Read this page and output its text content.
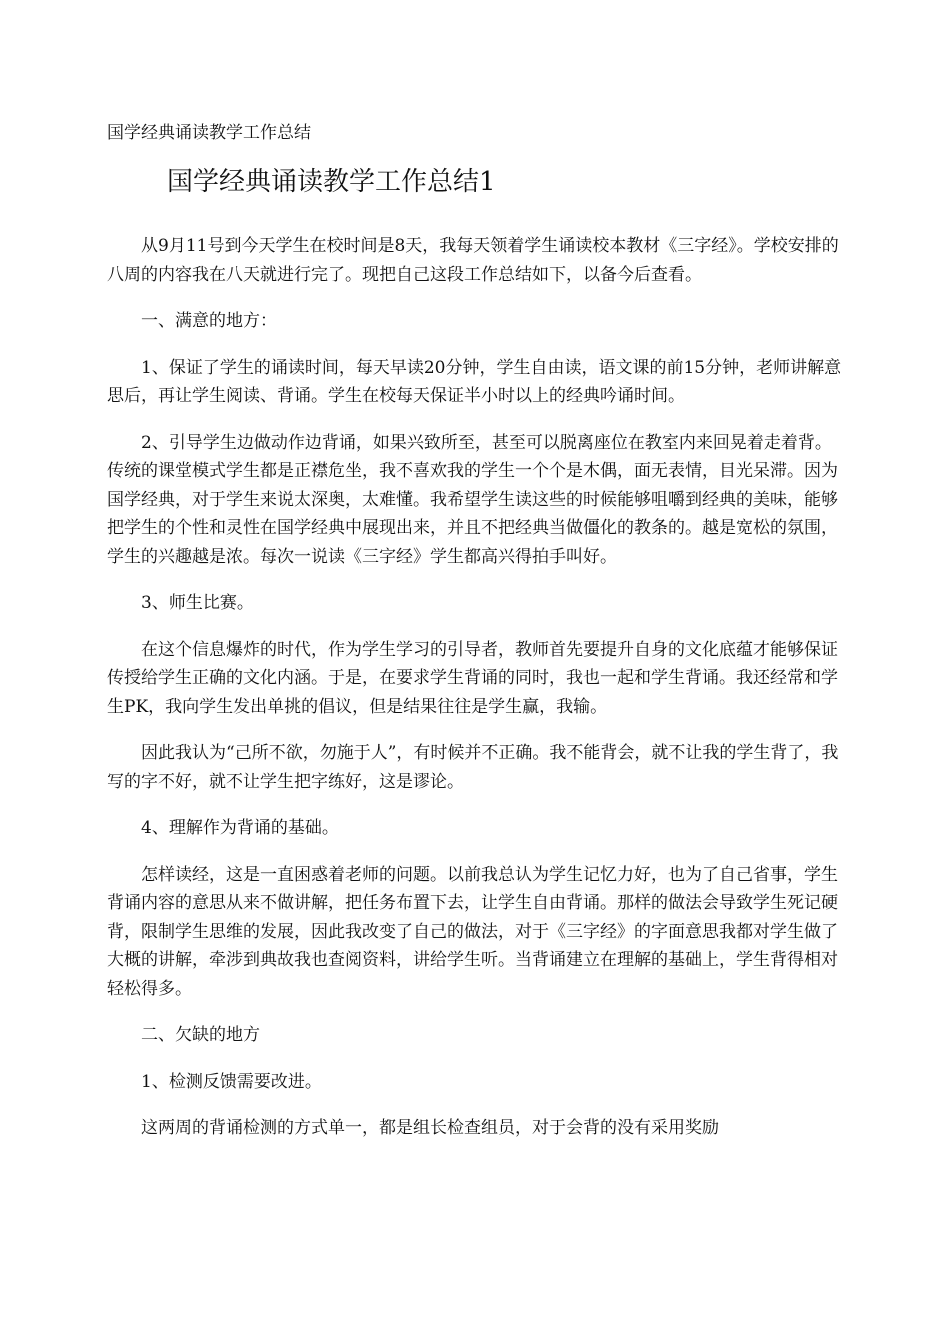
国学经典诵读教学工作总结
国学经典诵读教学工作总结1

从9月11号到今天学生在校时间是8天，我每天领着学生诵读校本教材《三字经》。学校安排的八周的内容我在八天就进行完了。现把自己这段工作总结如下，以备今后查看。

一、满意的地方：

1、保证了学生的诵读时间，每天早读20分钟，学生自由读，语文课的前15分钟，老师讲解意思后，再让学生阅读、背诵。学生在校每天保证半小时以上的经典吟诵时间。

2、引导学生边做动作边背诵，如果兴致所至，甚至可以脱离座位在教室内来回晃着走着背。传统的课堂模式学生都是正襟危坐，我不喜欢我的学生一个个是木偶，面无表情，目光呆滞。因为国学经典，对于学生来说太深奥，太难懂。我希望学生读这些的时候能够咀嚼到经典的美味，能够把学生的个性和灵性在国学经典中展现出来，并且不把经典当做僵化的教条的。越是宽松的氛围，学生的兴趣越是浓。每次一说读《三字经》学生都高兴得拍手叫好。

3、师生比赛。

在这个信息爆炸的时代，作为学生学习的引导者，教师首先要提升自身的文化底蕴才能够保证传授给学生正确的文化内涵。于是，在要求学生背诵的同时，我也一起和学生背诵。我还经常和学生PK，我向学生发出单挑的倡议，但是结果往往是学生赢，我输。

因此我认为“己所不欲，勿施于人”，有时候并不正确。我不能背会，就不让我的学生背了，我写的字不好，就不让学生把字练好，这是谬论。

4、理解作为背诵的基础。

怎样读经，这是一直困惑着老师的问题。以前我总认为学生记忆力好，也为了自己省事，学生背诵内容的意思从来不做讲解，把任务布置下去，让学生自由背诵。那样的做法会导致学生死记硬背，限制学生思维的发展，因此我改变了自己的做法，对于《三字经》的字面意思我都对学生做了大概的讲解，牵涉到典故我也查阅资料，讲给学生听。当背诵建立在理解的基础上，学生背得相对轻松得多。

二、欠缺的地方

1、检测反馈需要改进。

这两周的背诵检测的方式单一，都是组长检查组员，对于会背的没有采用奖励
